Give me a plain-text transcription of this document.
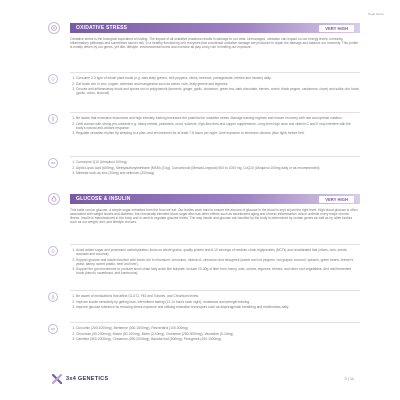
Page Name
OXIDATIVE STRESS	VERY HIGH

Oxidative stress is the biological equivalent of rusting. The impact of all oxidative reactions results in damage to our cells. Unmanaged, oxidation can impact on our energy levels, immunity, inflammatory pathways and sometimes cancer risk. In a healthy functioning cell, enzymes that counteract oxidative damage are produced to repair the damage and balance our immunity. This profile is mostly driven by our genes, yet diet, lifestyle, environmental toxins and exercise all play a key role in limiting our exposure.

1. Consume 2-3 type of whole plant foods (e.g. dark leafy greens, chili peppers, olives, beetroot, pomegranate, berries and tomato) daily.
2. Eat foods rich in zinc, copper, selenium and manganese such as seeds, nuts, leafy greens and legumes.
3. Choose anti-inflammatory foods and spices rich in polyphenols (turmeric, ginger, garlic, cinnamon, green tea, dark chocolate, berries, cumin, black pepper, cardamom, clove) and sulfur-rich foods (garlic, onion, broccoli).
1. Be aware that excessive endurance and high intensity training increases the potential for oxidative stress. Manage training regimes and ensure recovery with rest and optimal nutrition.
2. Limit contact with strong pro-oxidants e.g. heavy metals, pesticides, mold, solvents, high-flow tires and copper supplements. Long-term high dose and vitamin C and E may interfere with the body's natural anti-oxidant response.
3. Regulate circadian rhythm by sleeping to a plan, and environment for at least 7-8 hours per night. Limit exposure to electronic devices (blue light) before bed.
1. Coenzyme Q10 (Ubiquinol 100mg)
2. Alpha Lipoic Acid (600mg), Methylsulfonylmethane (MSM) (3 kg), Curcuminoid (Meriva/Longvida) 500 to 1000 mg, CoQ10 (Ubiquinol 100mg daily or as recommended)
3. Minerals such as zinc (20mg) and selenium (200mcg)
GLUCOSE & INSULIN	VERY HIGH

This table can be glucose, a simple sugar extracted from the food we eat. Our bodies work hard to ensure the amount of glucose in the blood is kept at just the right level. High blood glucose is often associated with weight issues and diabetes, but chronically elevated blood sugar also has other effects such as accelerated aging and chronic inflammation, which underlie every major chronic illness. Insulin is manufactured in the body and is used to regulate glucose levels. The way insulin and glucose are handled by the body is determined by certain genes as well as by other factors such as our weight, diet, and lifestyle choices.

1. Avoid added sugar and processed carbohydrates; focus on whole grains, quality protein and 8-10 servings of medium-chain triglycerides (MCTs) and unsaturated fats (olives, nuts, seeds, avocado and coconut).
2. Support glucose and insulin function with foods rich in chromium, chromium, vitamin A, cinnamon and fenugreek (sweet and hot peppers, red grapes, broccoli, spinach, green beans, brewer's yeast, barley, sweet potato, beef and liver).
3. Support the gut microbiome to produce short-chain fatty acids like butyrate. Include 20-30g of fiber from honey, oats, onions, legumes, berries, and other root vegetables. And add fermented foods (kimchi, sauerkraut, and kombucha).
1. Be aware of medications that affect GLUT2, Flt3 and Tubules, and Chromium levels.
2. Improve insulin sensitivity by getting lean, intermittent fasting (12-14 hours each night), resistance and strength training.
3. Improve glucose tolerance by reducing stress exposure and utilising relaxation techniques such as diaphragmatic breathing and mindfulness daily.
1. Curcumin (200-1000mg), Berberine (300-1500mg), Resveratrol (100-300mg)
2. Chromium (50-200mcg), Niacin (50-100mg), Biotin (2-10mg), Cinnamon (250-3000mg), Vanadium (5-10mg)
3. Carnitine (500-2000mg), Cinnamon (250-2000mg), Banaba leaf (500mg), Fenugreek (200-1000mg)
3x4 GENETICS	3 | 11
